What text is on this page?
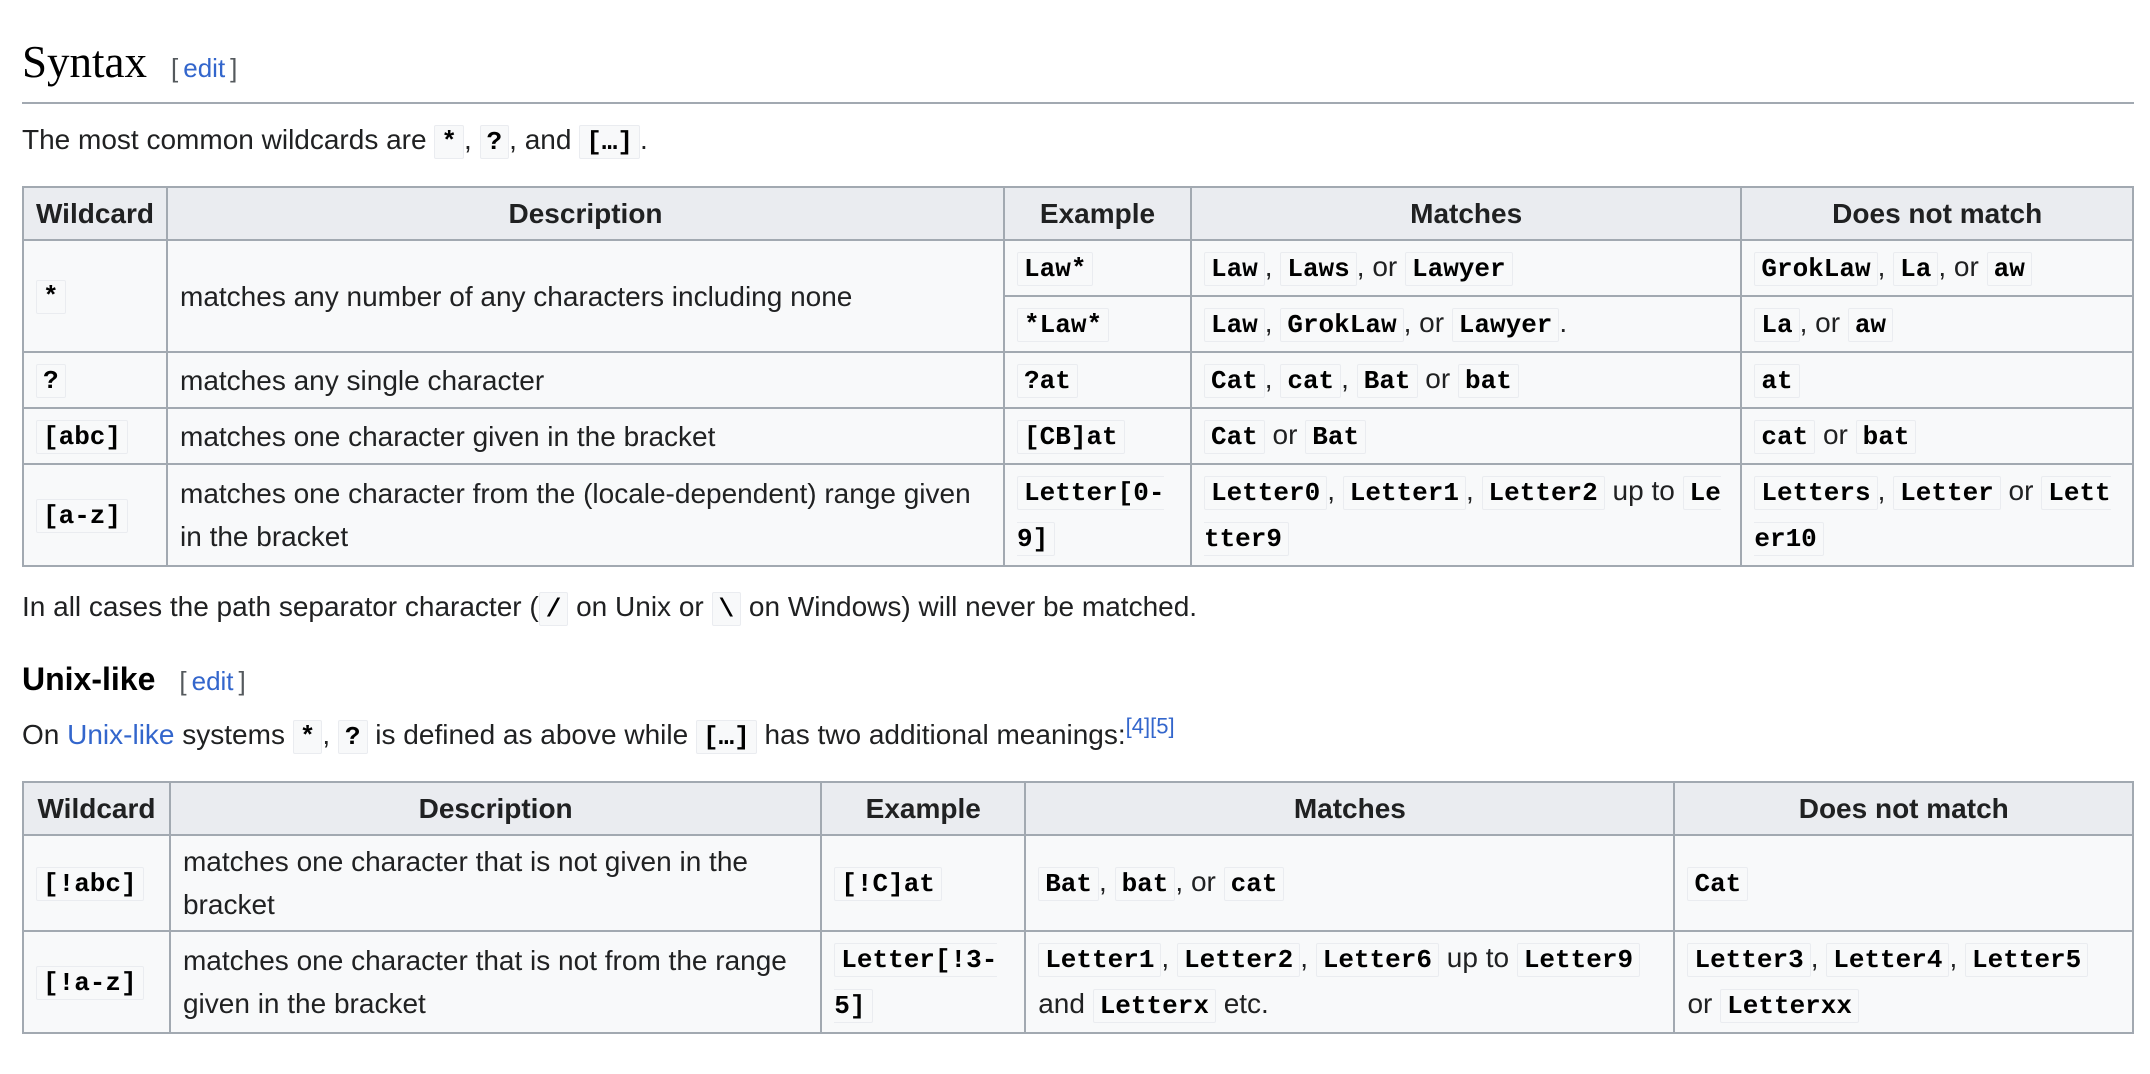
Syntax [ edit ]

The most common wildcards are * , ? , and […] .

Wildcard	Description	Example	Matches	Does not match
*	matches any number of any characters including none	Law*	Law , Laws , or Lawyer	GrokLaw , La , or aw
		*Law*	Law , GrokLaw , or Lawyer .	La , or aw
?	matches any single character	?at	Cat , cat , Bat or bat	at
[abc]	matches one character given in the bracket	[CB]at	Cat or Bat	cat or bat
[a-z]	matches one character from the (locale-dependent) range given in the bracket	Letter[0-9]	Letter0 , Letter1 , Letter2 up to Letter9	Letters , Letter or Letter10

In all cases the path separator character ( / on Unix or \ on Windows) will never be matched.

Unix-like [ edit ]

On Unix-like systems * , ? is defined as above while […] has two additional meanings:[4][5]

Wildcard	Description	Example	Matches	Does not match
[!abc]	matches one character that is not given in the bracket	[!C]at	Bat , bat , or cat	Cat
[!a-z]	matches one character that is not from the range given in the bracket	Letter[!3-5]	Letter1 , Letter2 , Letter6 up to Letter9 and Letterx etc.	Letter3 , Letter4 , Letter5 or Letterxx
